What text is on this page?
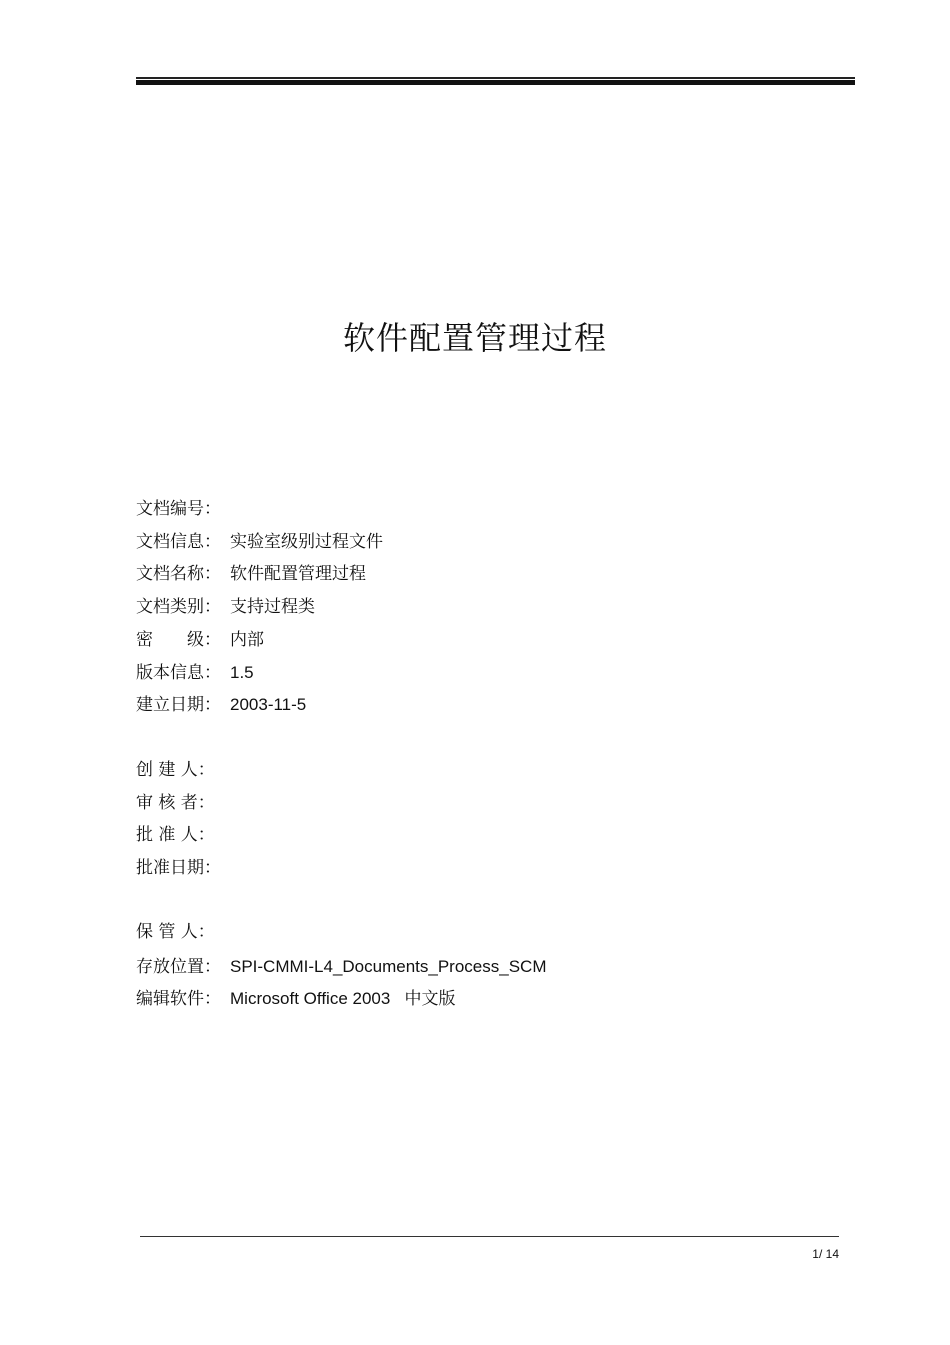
软件配置管理过程
文档编号：
文档信息： 实验室级别过程文件
文档名称： 软件配置管理过程
文档类别： 支持过程类
密　　级： 内部
版本信息： 1.5
建立日期： 2003-11-5
创 建 人：
审 核 者：
批 准 人：
批准日期：
保 管 人：
存放位置： SPI-CMMI-L4_Documents_Process_SCM
编辑软件： Microsoft Office 2003   中文版
1/ 14
